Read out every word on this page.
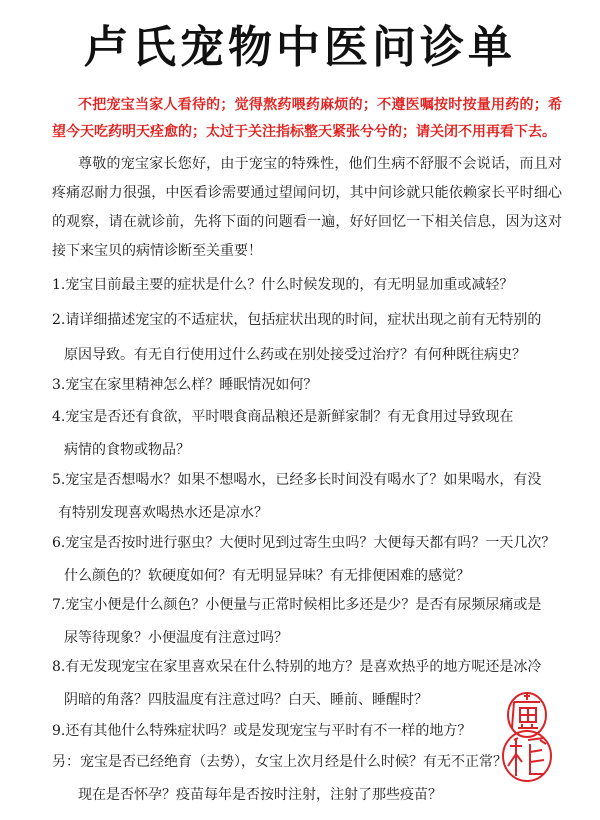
卢氏宠物中医问诊单
不把宠宝当家人看待的；觉得熬药喂药麻烦的；不遵医嘱按时按量用药的；希望今天吃药明天痊愈的；太过于关注指标整天紧张兮兮的；请关闭不用再看下去。
尊敬的宠宝家长您好，由于宠宝的特殊性，他们生病不舒服不会说话，而且对疼痛忍耐力很强，中医看诊需要通过望闻问切，其中问诊就只能依赖家长平时细心的观察，请在就诊前，先将下面的问题看一遍，好好回忆一下相关信息，因为这对接下来宝贝的病情诊断至关重要！
1.宠宝目前最主要的症状是什么？什么时候发现的，有无明显加重或减轻？
2.请详细描述宠宝的不适症状，包括症状出现的时间，症状出现之前有无特别的
原因导致。有无自行使用过什么药或在别处接受过治疗？有何种既往病史？
3.宠宝在家里精神怎么样？睡眠情况如何？
4.宠宝是否还有食欲，平时喂食商品粮还是新鲜家制？有无食用过导致现在
病情的食物或物品？
5.宠宝是否想喝水？如果不想喝水，已经多长时间没有喝水了？如果喝水，有没
有特别发现喜欢喝热水还是凉水？
6.宠宝是否按时进行驱虫？大便时见到过寄生虫吗？大便每天都有吗？一天几次？
什么颜色的？软硬度如何？有无明显异味？有无排便困难的感觉？
7.宠宝小便是什么颜色？小便量与正常时候相比多还是少？是否有尿频尿痛或是
尿等待现象？小便温度有注意过吗？
8.有无发现宠宝在家里喜欢呆在什么特别的地方？是喜欢热乎的地方呢还是冰冷
阴暗的角落？四肢温度有注意过吗？白天、睡前、睡醒时？
9.还有其他什么特殊症状吗？或是发现宠宝与平时有不一样的地方？
另：宠宝是否已经绝育（去势），女宝上次月经是什么时候？有无不正常？
现在是否怀孕？疫苗每年是否按时注射，注射了那些疫苗？
